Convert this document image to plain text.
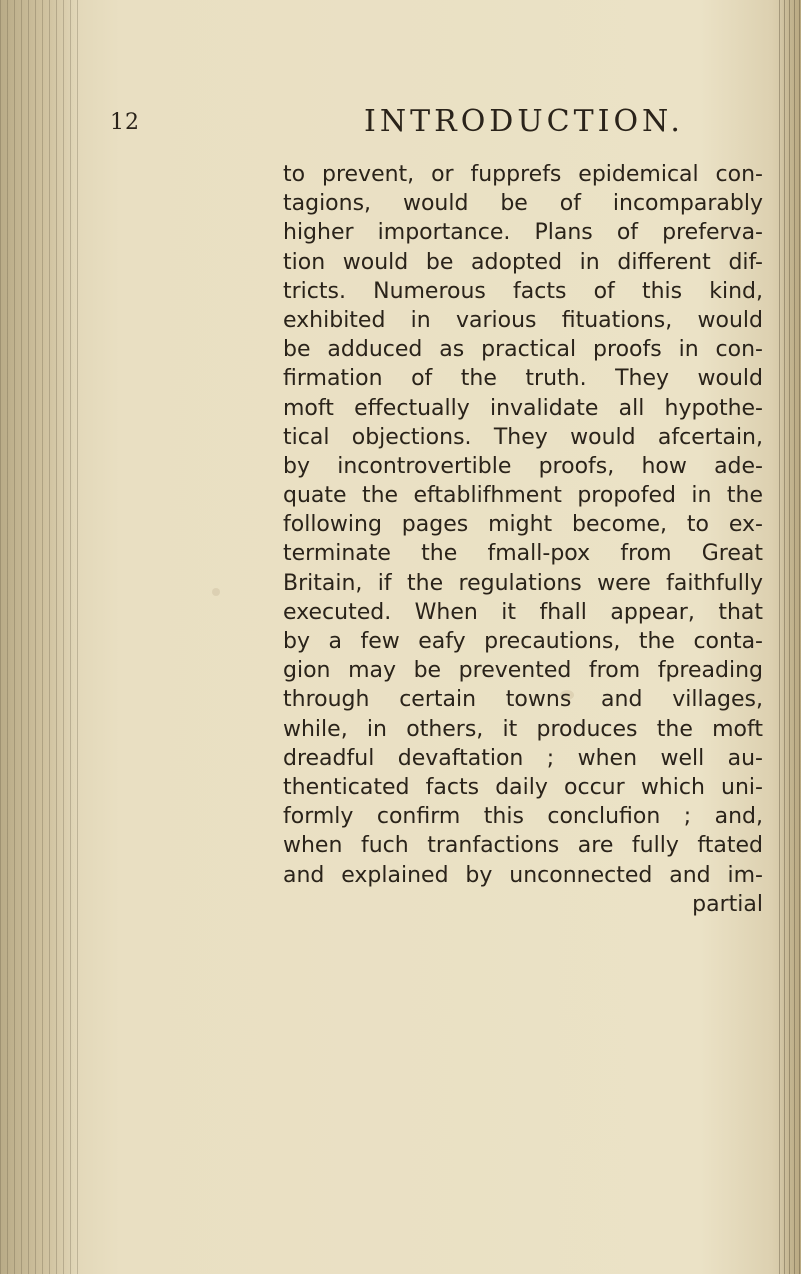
12	INTRODUCTION.
to prevent, or fupprefs epidemical con-
tagions, would be of incomparably
higher importance. Plans of preferva-
tion would be adopted in different dif-
tricts. Numerous facts of this kind,
exhibited in various fituations, would
be adduced as practical proofs in con-
firmation of the truth. They would
moft effectually invalidate all hypothe-
tical objections. They would afcertain,
by incontrovertible proofs, how ade-
quate the eftablifhment propofed in the
following pages might become, to ex-
terminate the fmall-pox from Great
Britain, if the regulations were faithfully
executed. When it fhall appear, that
by a few eafy precautions, the conta-
gion may be prevented from fpreading
through certain towns and villages,
while, in others, it produces the moft
dreadful devaftation ; when well au-
thenticated facts daily occur which uni-
formly confirm this conclufion ; and,
when fuch tranfactions are fully ftated
and explained by unconnected and im-
partial
